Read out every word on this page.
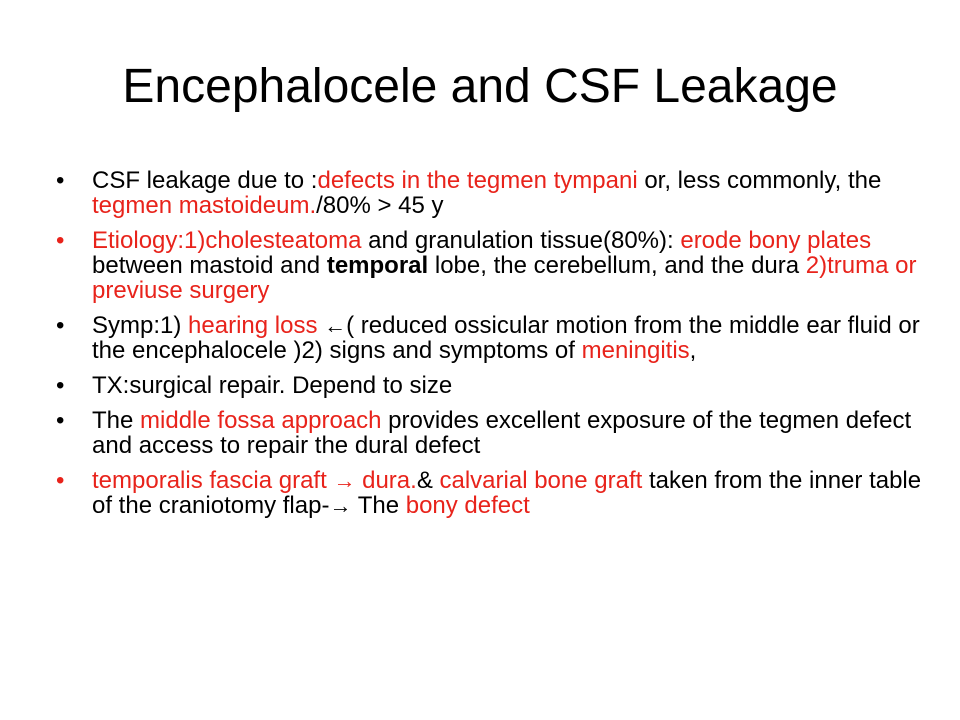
Encephalocele and CSF Leakage
•	CSF leakage due to :defects in the tegmen tympani or, less commonly, the tegmen mastoideum./80% > 45 y
•	Etiology:1)cholesteatoma and granulation tissue(80%): erode bony plates between mastoid and temporal lobe, the cerebellum, and the dura 2)truma or previuse surgery
•	Symp:1) hearing loss ←( reduced ossicular motion from the middle ear fluid or the encephalocele )2) signs and symptoms of meningitis,
•	TX:surgical repair. Depend to size
•	The middle fossa approach provides excellent exposure of the tegmen defect and access to repair the dural defect
•	temporalis fascia graft → dura.& calvarial bone graft taken from the inner table of the craniotomy flap-→ The bony defect
